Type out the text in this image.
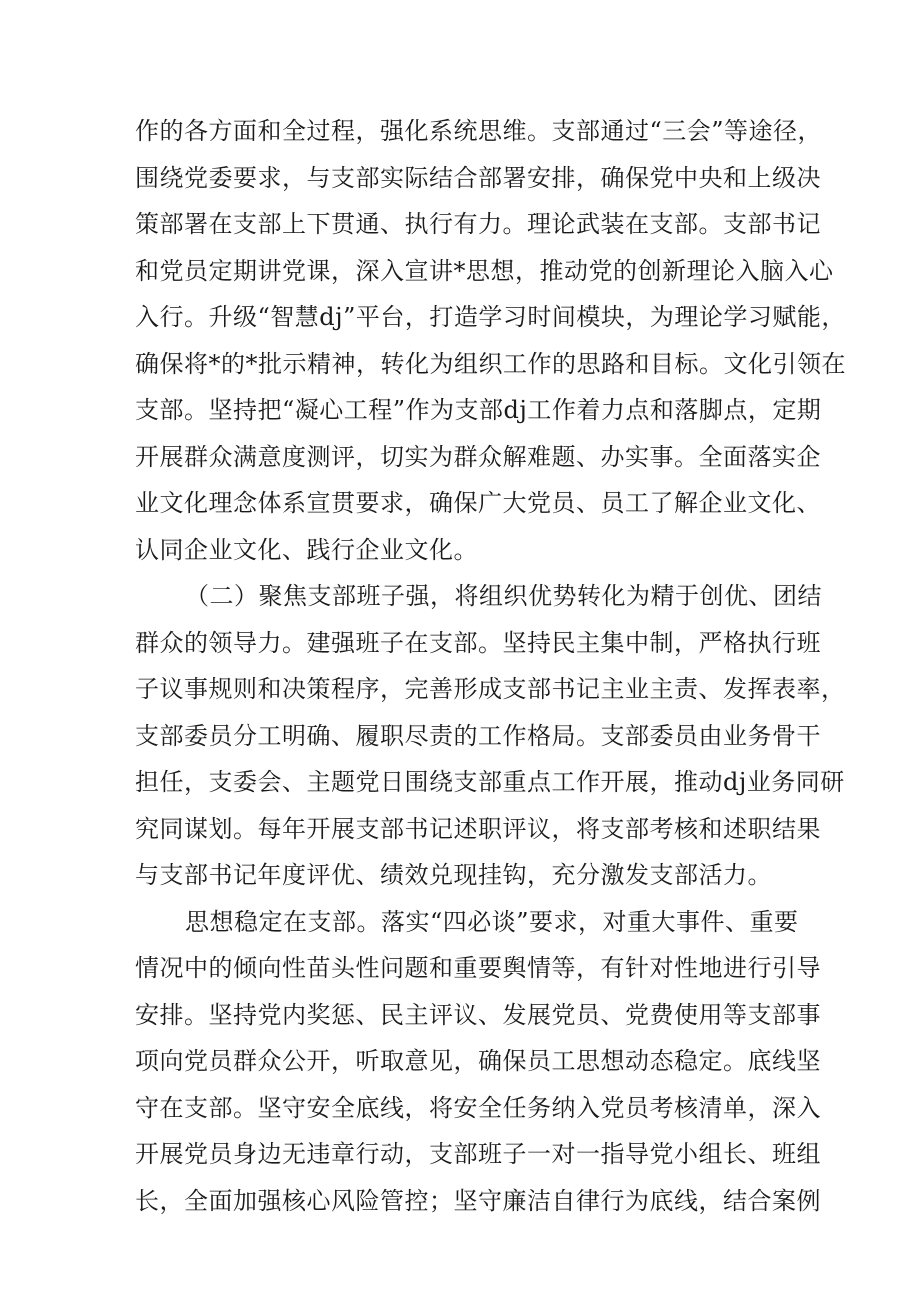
作的各方面和全过程，强化系统思维。支部通过“三会”等途径，
围绕党委要求，与支部实际结合部署安排，确保党中央和上级决
策部署在支部上下贯通、执行有力。理论武装在支部。支部书记
和党员定期讲党课，深入宣讲*思想，推动党的创新理论入脑入心
入行。升级“智慧dj”平台，打造学习时间模块，为理论学习赋能，
确保将*的*批示精神，转化为组织工作的思路和目标。文化引领在
支部。坚持把“凝心工程”作为支部dj工作着力点和落脚点，定期
开展群众满意度测评，切实为群众解难题、办实事。全面落实企
业文化理念体系宣贯要求，确保广大党员、员工了解企业文化、
认同企业文化、践行企业文化。
（二）聚焦支部班子强，将组织优势转化为精于创优、团结
群众的领导力。建强班子在支部。坚持民主集中制，严格执行班
子议事规则和决策程序，完善形成支部书记主业主责、发挥表率，
支部委员分工明确、履职尽责的工作格局。支部委员由业务骨干
担任，支委会、主题党日围绕支部重点工作开展，推动dj业务同研
究同谋划。每年开展支部书记述职评议，将支部考核和述职结果
与支部书记年度评优、绩效兑现挂钩，充分激发支部活力。
思想稳定在支部。落实“四必谈”要求，对重大事件、重要
情况中的倾向性苗头性问题和重要舆情等，有针对性地进行引导
安排。坚持党内奖惩、民主评议、发展党员、党费使用等支部事
项向党员群众公开，听取意见，确保员工思想动态稳定。底线坚
守在支部。坚守安全底线，将安全任务纳入党员考核清单，深入
开展党员身边无违章行动，支部班子一对一指导党小组长、班组
长，全面加强核心风险管控；坚守廉洁自律行为底线，结合案例
